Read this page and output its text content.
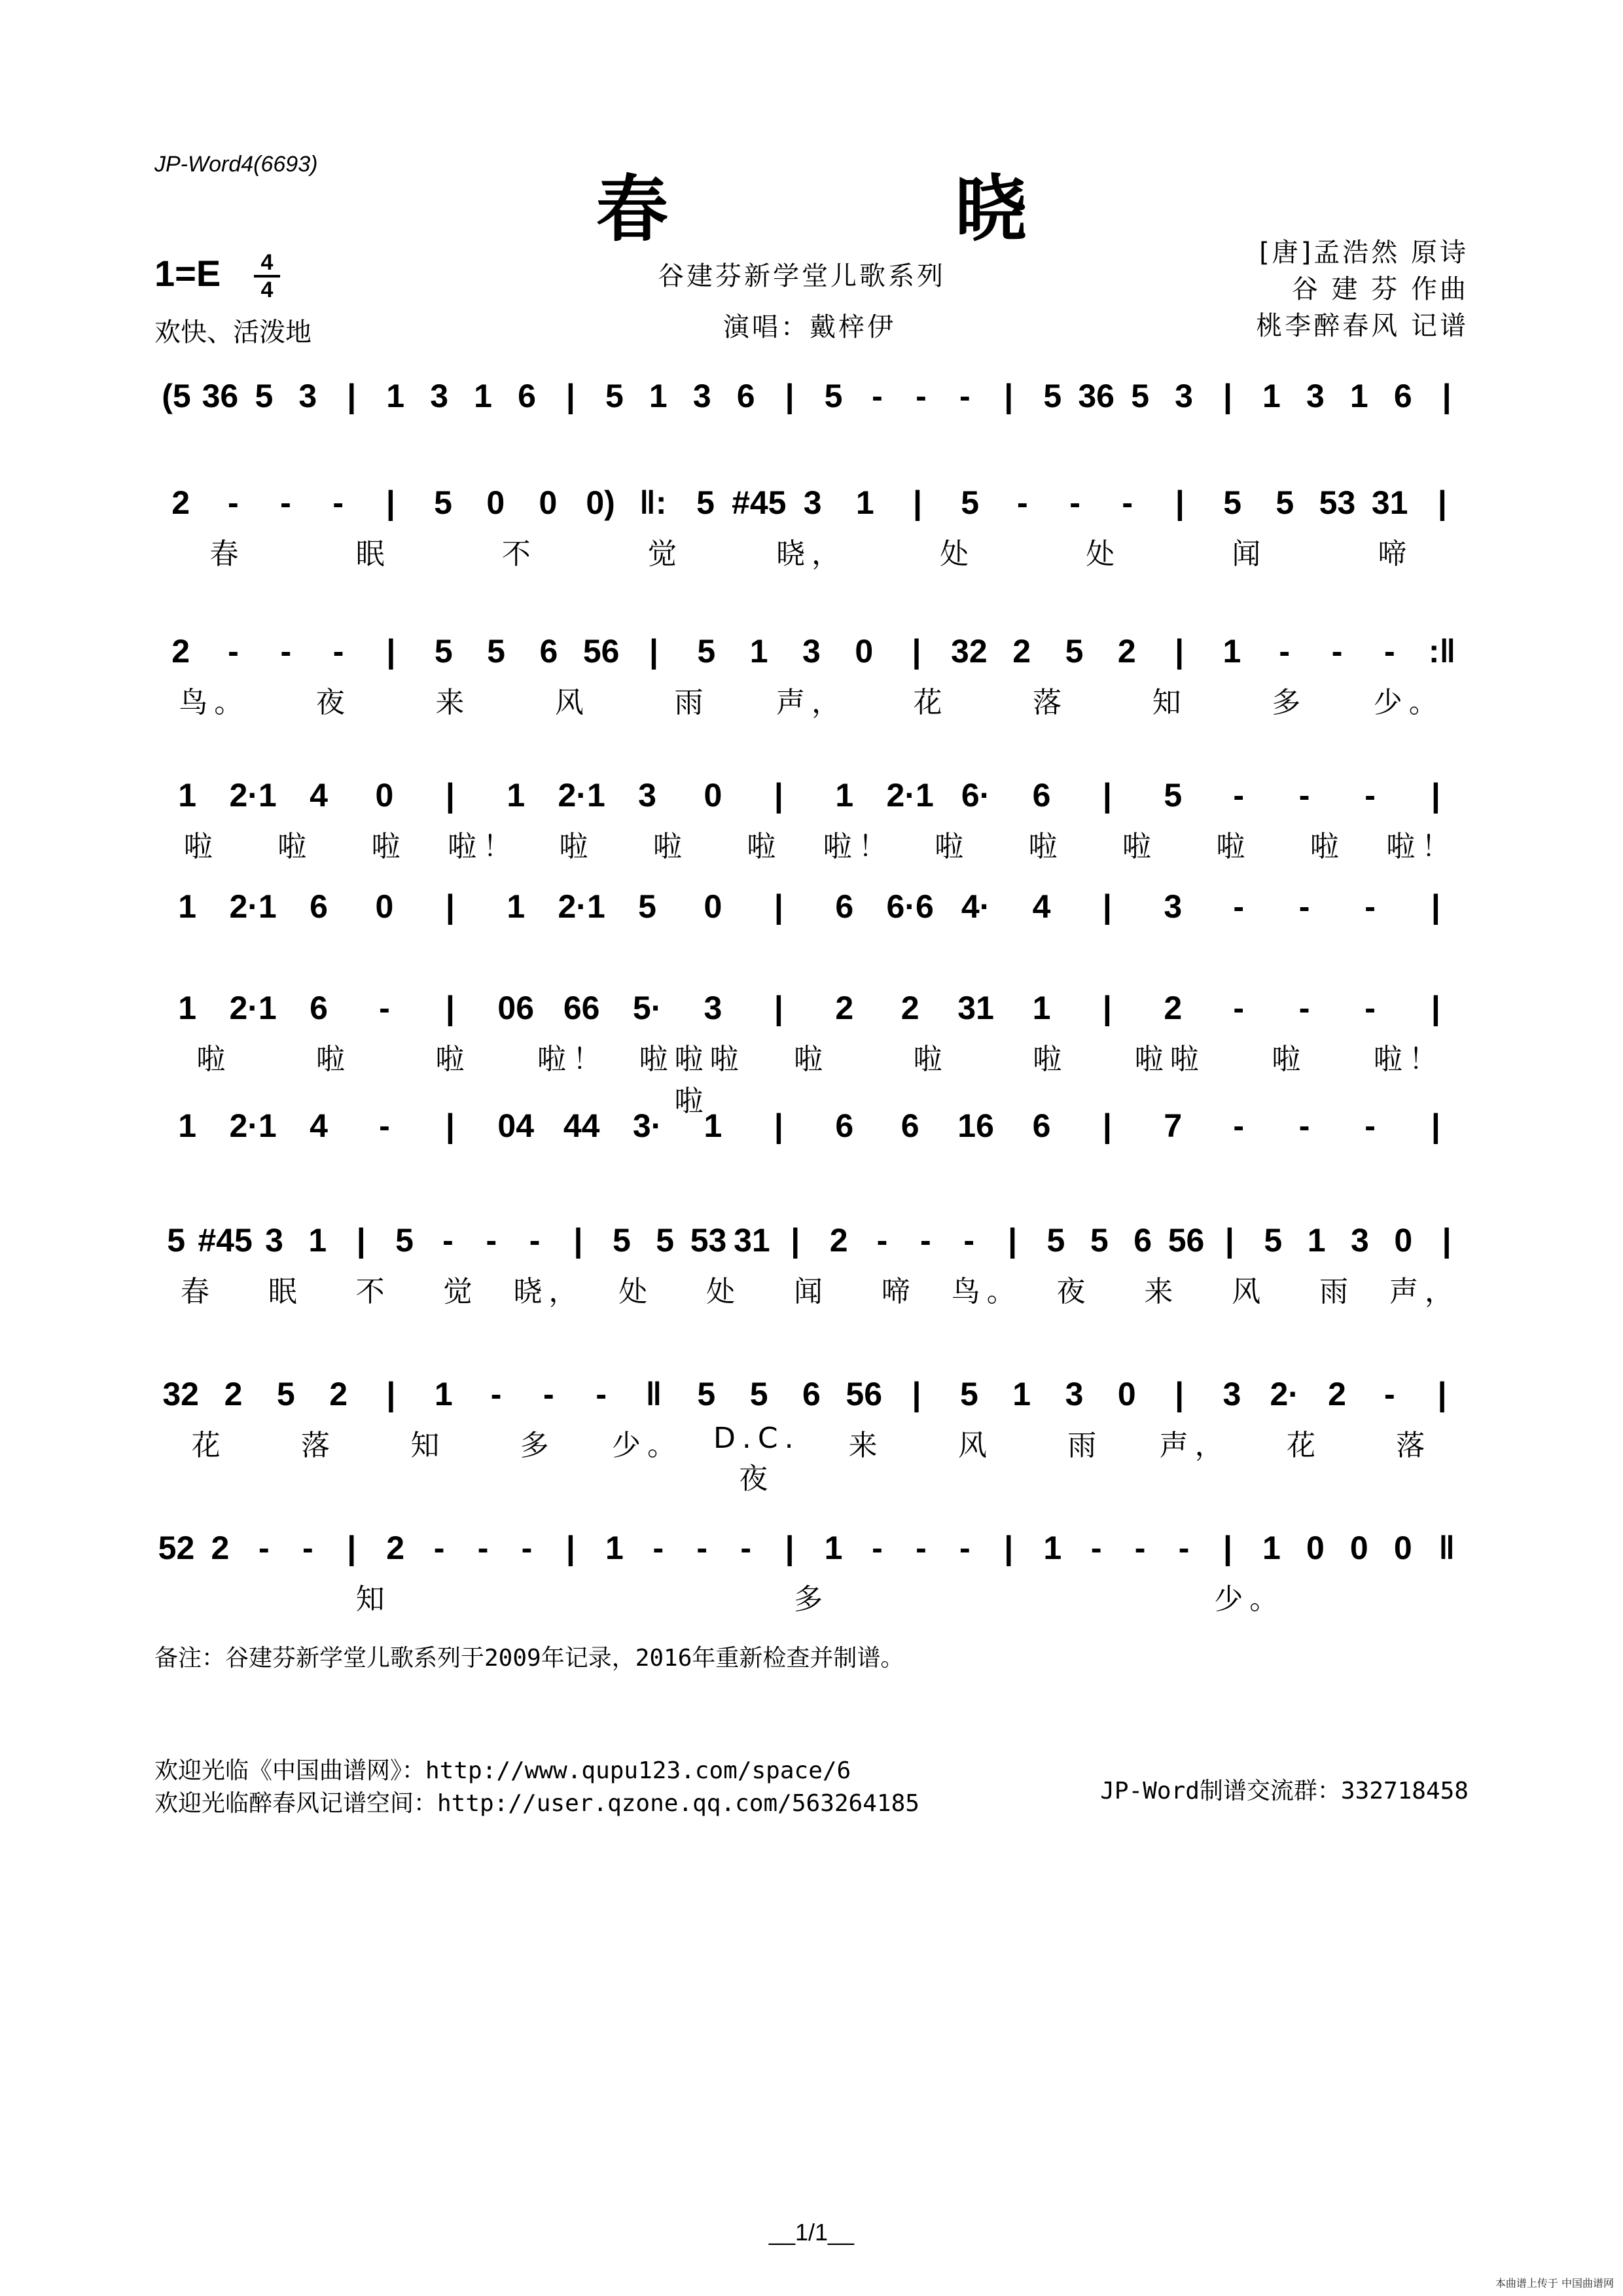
JP-Word4(6693)
春 晓
1=E	4
4
欢快、活泼地
谷建芬新学堂儿歌系列
演唱：戴梓伊
[唐]孟浩然 原诗
谷 建 芬 作曲
桃李醉春风 记谱
(5 36 5 3 | 1 3 1 6 | 5 1 3 6 | 5 -	-	-	| 5 36 5 3 | 1 3 1 6 |
2	-	-	-	|	5	0	0 0) ‖: 5 #45 3	1	|	5	-	-	-	|	5	5 53 31 |
春	眠	不	觉	晓，	处	处	闻	啼
2	-	-	-	|	5	5	6 56 |	5	1	3	0	| 32 2	5	2	|	1	-	-	-	:‖
鸟。	夜	来	风	雨	声，	花	落	知	多	少。
1	2·1	4	0	|	1	2·1	3	0	|	1	2·1 6·	6	|	5	-	-	-	|
啦	啦	啦	啦！	啦	啦	啦	啦！	啦	啦	啦	啦	啦	啦！
1	2·1	6	0	|	1	2·1	5	0	|	6	6·6 4·	4	|	3	-	-	-	|
1	2·1	6	-	|	06 66	5·	3	|	2	2	31	1	|	2	-	-	-	|
啦	啦	啦	啦！	啦啦啦啦
啦	啦	啦	啦啦	啦	啦！
1	2·1	4	-	|	04 44	3·	1	|	6	6	16	6	|	7	-	-	-	|
5 #45 3 1 | 5 - - -	| 5 5 53 31 | 2 - - -	| 5 5 6 56 | 5 1 3 0 |
春	眠	不	觉	晓，	处	处	闻	啼	鸟。	夜	来	风	雨	声，
32 2	5	2	|	1	-	-	-	‖	5	5	6 56 |	5	1	3	0	|	3 2· 2	-	|
花	落	知	多	少。	D.C.夜
来	风	雨	声，	花	落
52 2 -	-	| 2 -	-	-	| 1 -	-	-	| 1 -	-	-	| 1 -	-	-	| 1 0 0 0 ‖
知	多	少。
备注：谷建芬新学堂儿歌系列于2009年记录，2016年重新检查并制谱。
欢迎光临《中国曲谱网》：http://www.qupu123.com/space/6
欢迎光临醉春风记谱空间：http://user.qzone.qq.com/563264185	JP-Word制谱交流群：332718458
__1/1__
本曲谱上传于 中国曲谱网
